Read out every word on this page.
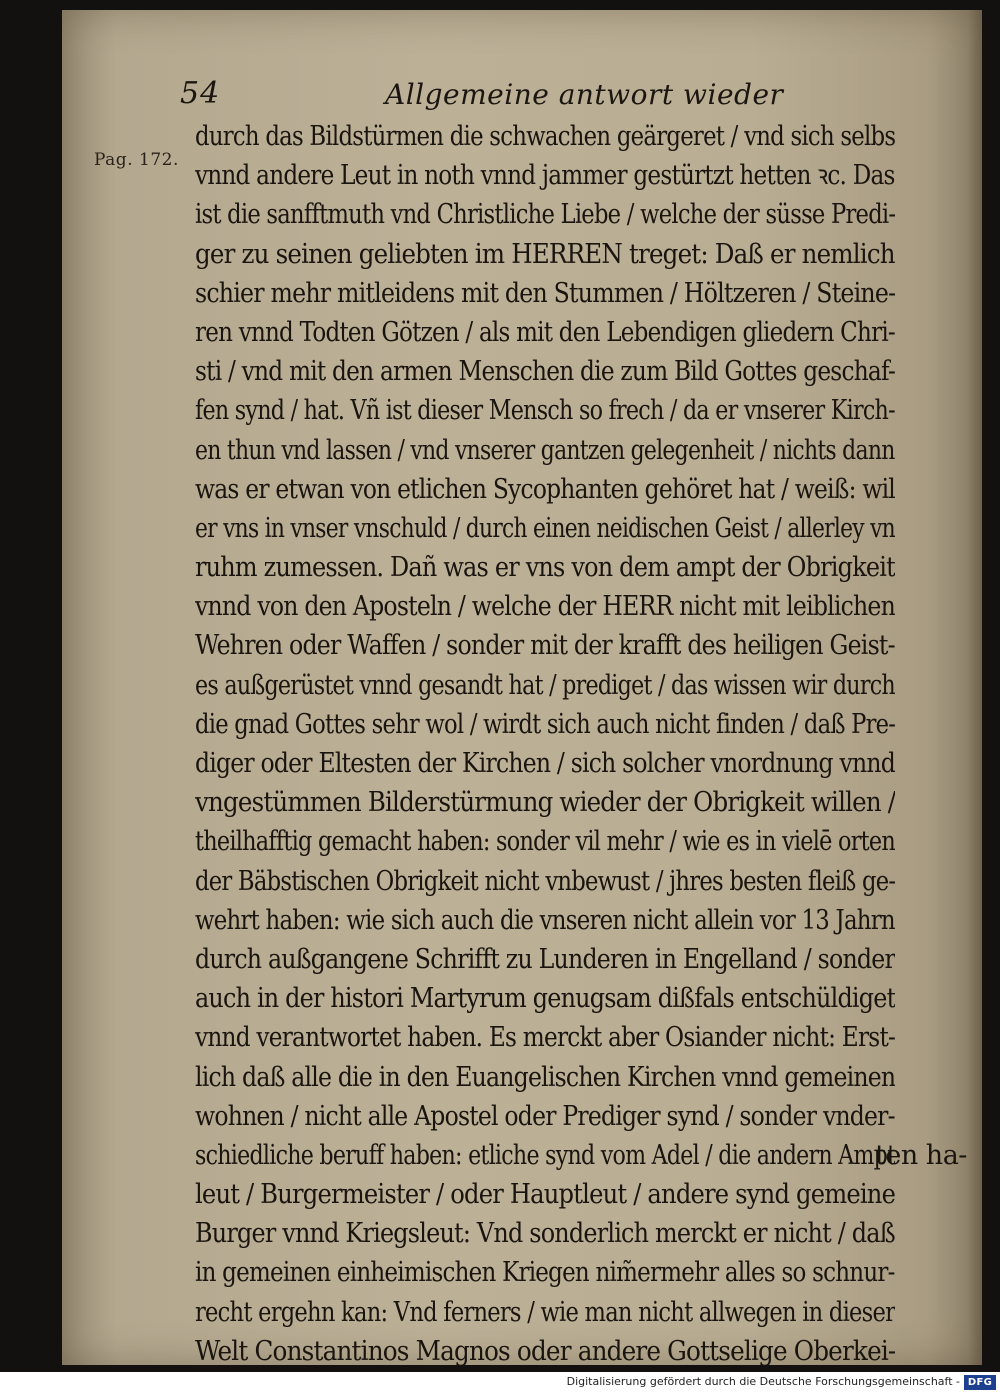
54	Allgemeine antwort wieder
Pag. 172.
durch das Bildstürmen die schwachen geärgeret / vnd sich selbs
vnnd andere Leut in noth vnnd jammer gestürtzt hetten ꝛc. Das
ist die sanfftmuth vnd Christliche Liebe / welche der süsse Predi-
ger zu seinen geliebten im HERREN treget: Daß er nemlich
schier mehr mitleidens mit den Stummen / Höltzeren / Steine-
ren vnnd Todten Götzen / als mit den Lebendigen gliedern Chri-
sti / vnd mit den armen Menschen die zum Bild Gottes geschaf-
fen synd / hat. Vñ ist dieser Mensch so frech / da er vnserer Kirch-
en thun vnd lassen / vnd vnserer gantzen gelegenheit / nichts dann
was er etwan von etlichen Sycophanten gehöret hat / weiß: wil
er vns in vnser vnschuld / durch einen neidischen Geist / allerley vn
ruhm zumessen. Dañ was er vns von dem ampt der Obrigkeit
vnnd von den Aposteln / welche der HERR nicht mit leiblichen
Wehren oder Waffen / sonder mit der krafft des heiligen Geist-
es außgerüstet vnnd gesandt hat / prediget / das wissen wir durch
die gnad Gottes sehr wol / wirdt sich auch nicht finden / daß Pre-
diger oder Eltesten der Kirchen / sich solcher vnordnung vnnd
vngestümmen Bilderstürmung wieder der Obrigkeit willen /
theilhafftig gemacht haben: sonder vil mehr / wie es in vielē orten
der Bäbstischen Obrigkeit nicht vnbewust / jhres besten fleiß ge-
wehrt haben: wie sich auch die vnseren nicht allein vor 13 Jahrn
durch außgangene Schrifft zu Lunderen in Engelland / sonder
auch in der histori Martyrum genugsam dißfals entschüldiget
vnnd verantwortet haben. Es merckt aber Osiander nicht: Erst-
lich daß alle die in den Euangelischen Kirchen vnnd gemeinen
wohnen / nicht alle Apostel oder Prediger synd / sonder vnder-
schiedliche beruff haben: etliche synd vom Adel / die andern Ampt
leut / Burgermeister / oder Hauptleut / andere synd gemeine
Burger vnnd Kriegsleut: Vnd sonderlich merckt er nicht / daß
in gemeinen einheimischen Kriegen nim̃ermehr alles so schnur-
recht ergehn kan: Vnd ferners / wie man nicht allwegen in dieser
Welt Constantinos Magnos oder andere Gottselige Oberkei-
ten ha-
Digitalisierung gefördert durch die Deutsche Forschungsgemeinschaft - DFG
